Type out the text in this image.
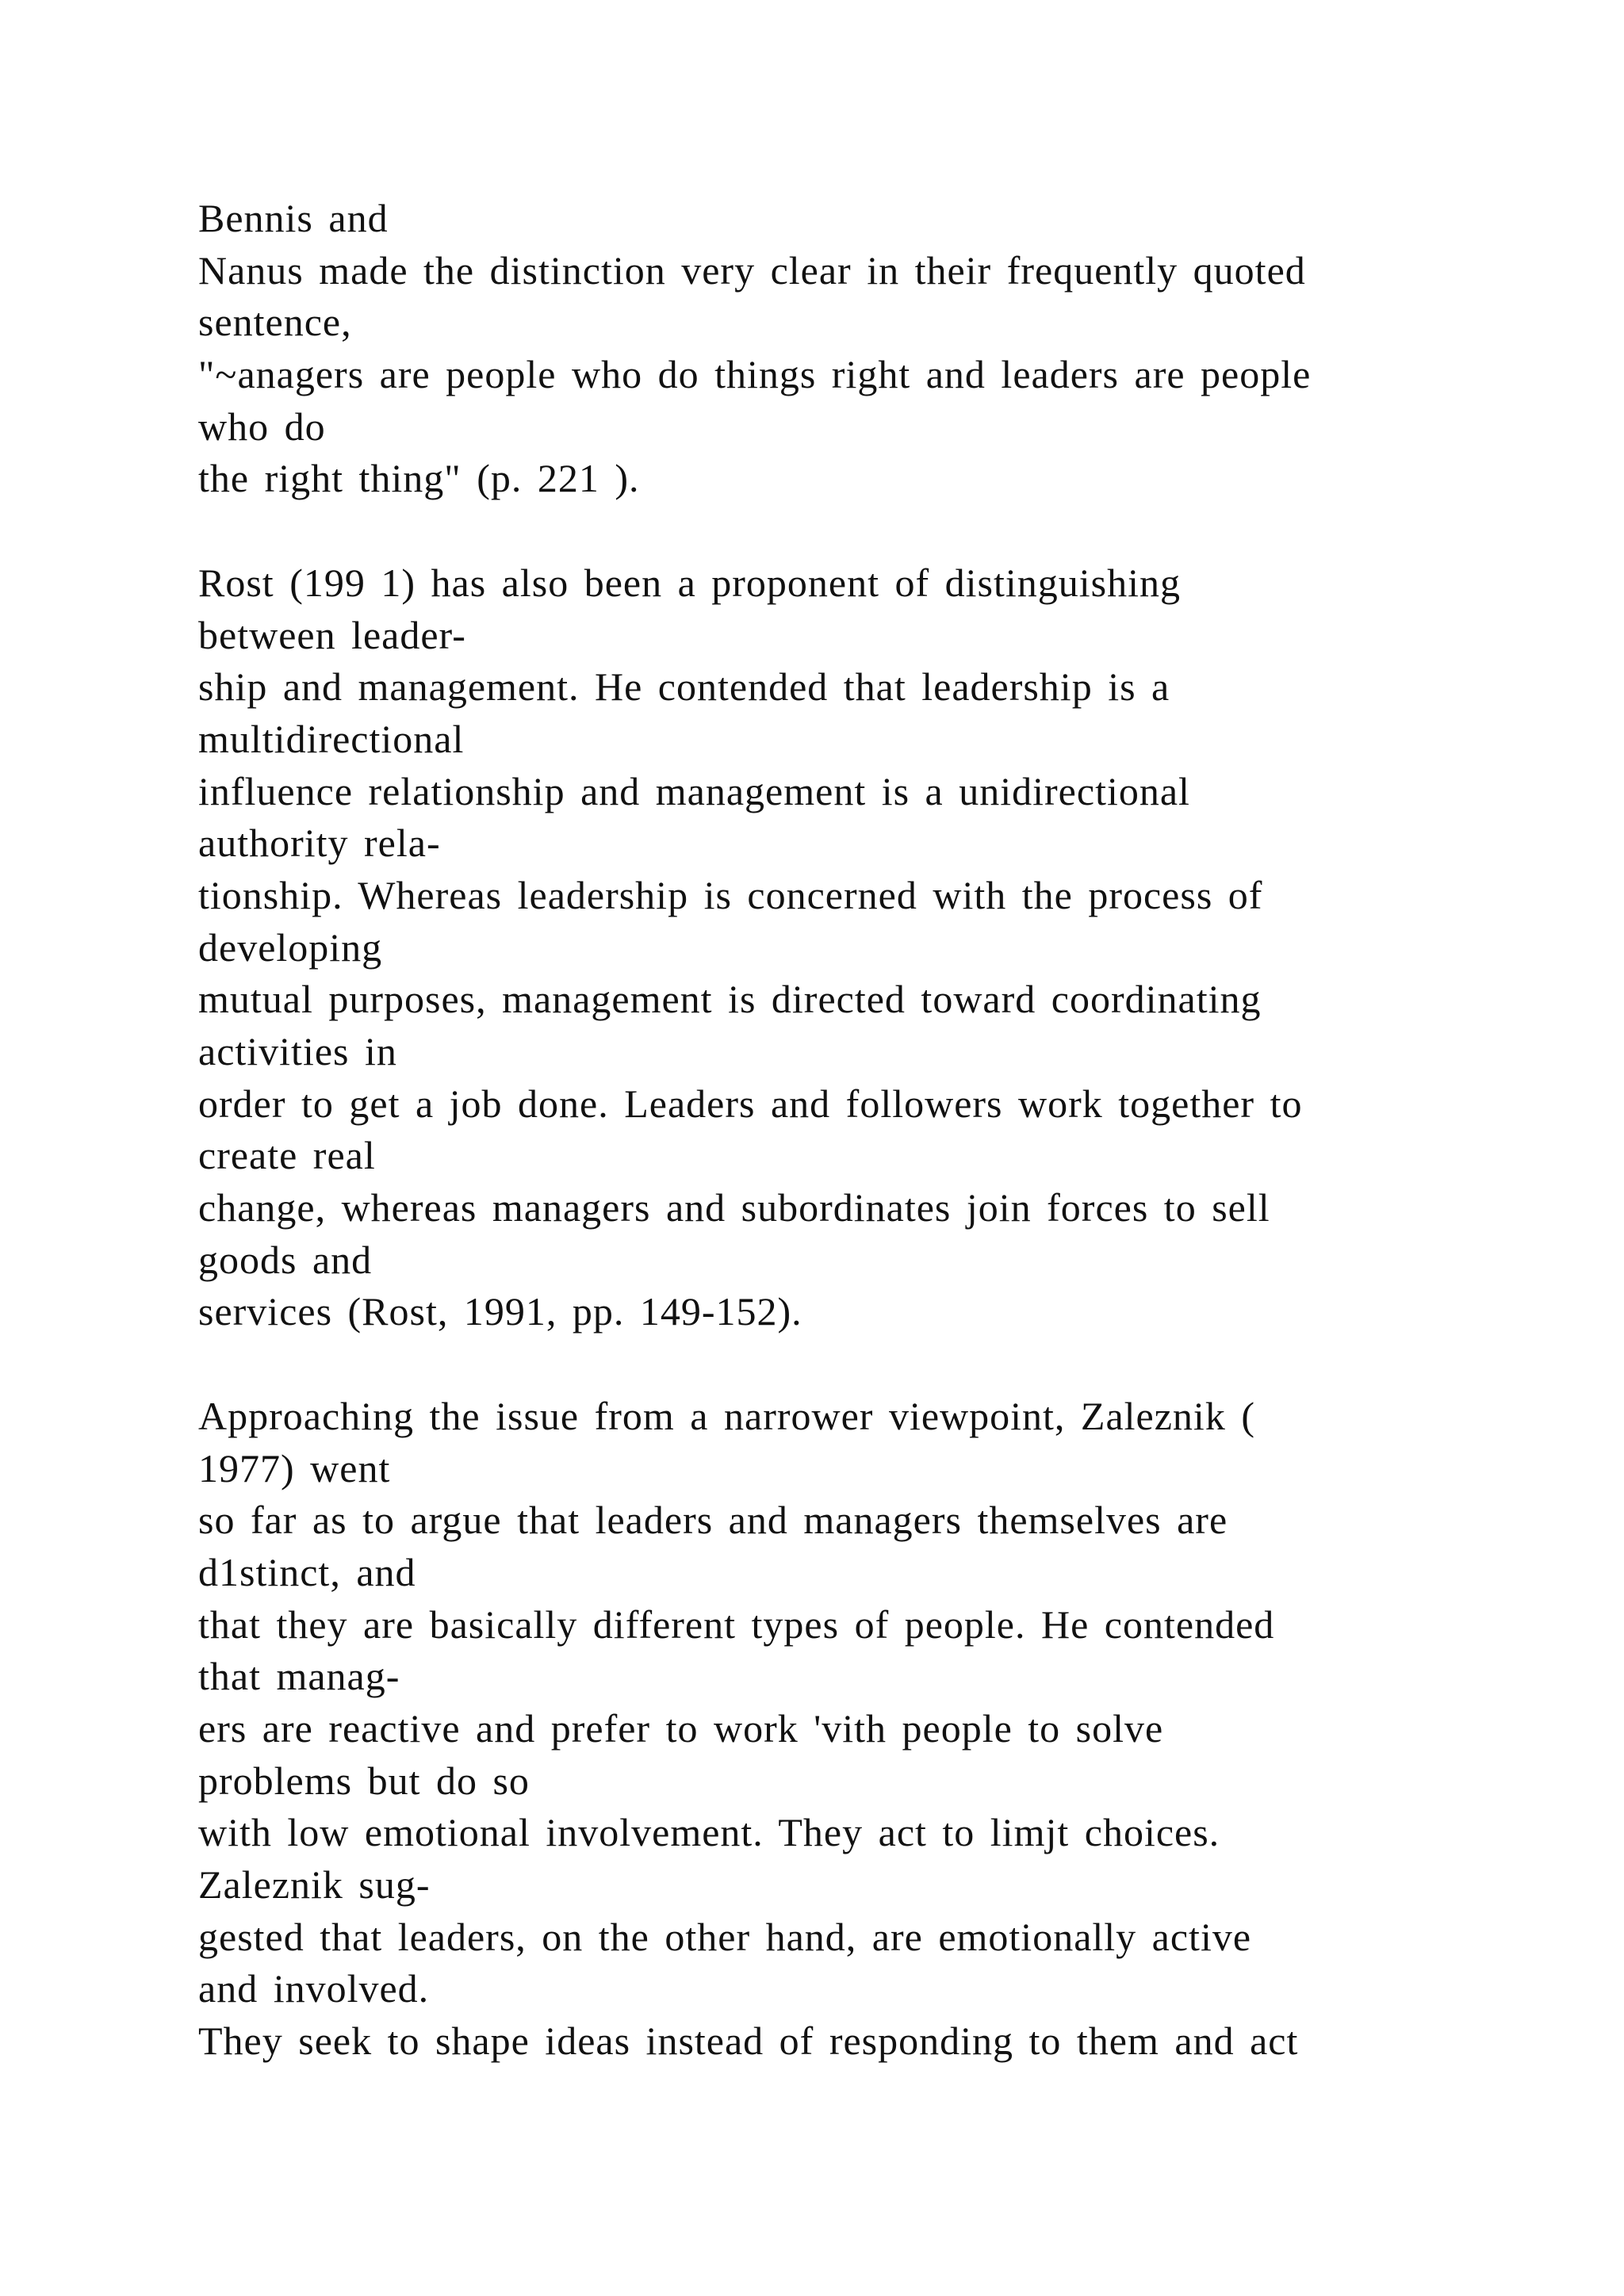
Bennis and
Nanus made the distinction very clear in their frequently quoted
sentence,
"~anagers are people who do things right and leaders are people
who do
the right thing" (p. 221 ).
Rost (199 1) has also been a proponent of distinguishing
between leader-
ship and management. He contended that leadership is a
multidirectional
influence relationship and management is a unidirectional
authority rela-
tionship. Whereas leadership is concerned with the process of
developing
mutual purposes, management is directed toward coordinating
activities in
order to get a job done. Leaders and followers work together to
create real
change, whereas managers and subordinates join forces to sell
goods and
services (Rost, 1991, pp. 149-152).
Approaching the issue from a narrower viewpoint, Zaleznik (
1977) went
so far as to argue that leaders and managers themselves are
d1stinct, and
that they are basically different types of people. He contended
that manag-
ers are reactive and prefer to work 'vith people to solve
problems but do so
with low emotional involvement. They act to limjt choices.
Zaleznik sug-
gested that leaders, on the other hand, are emotionally active
and involved.
They seek to shape ideas instead of responding to them and act
